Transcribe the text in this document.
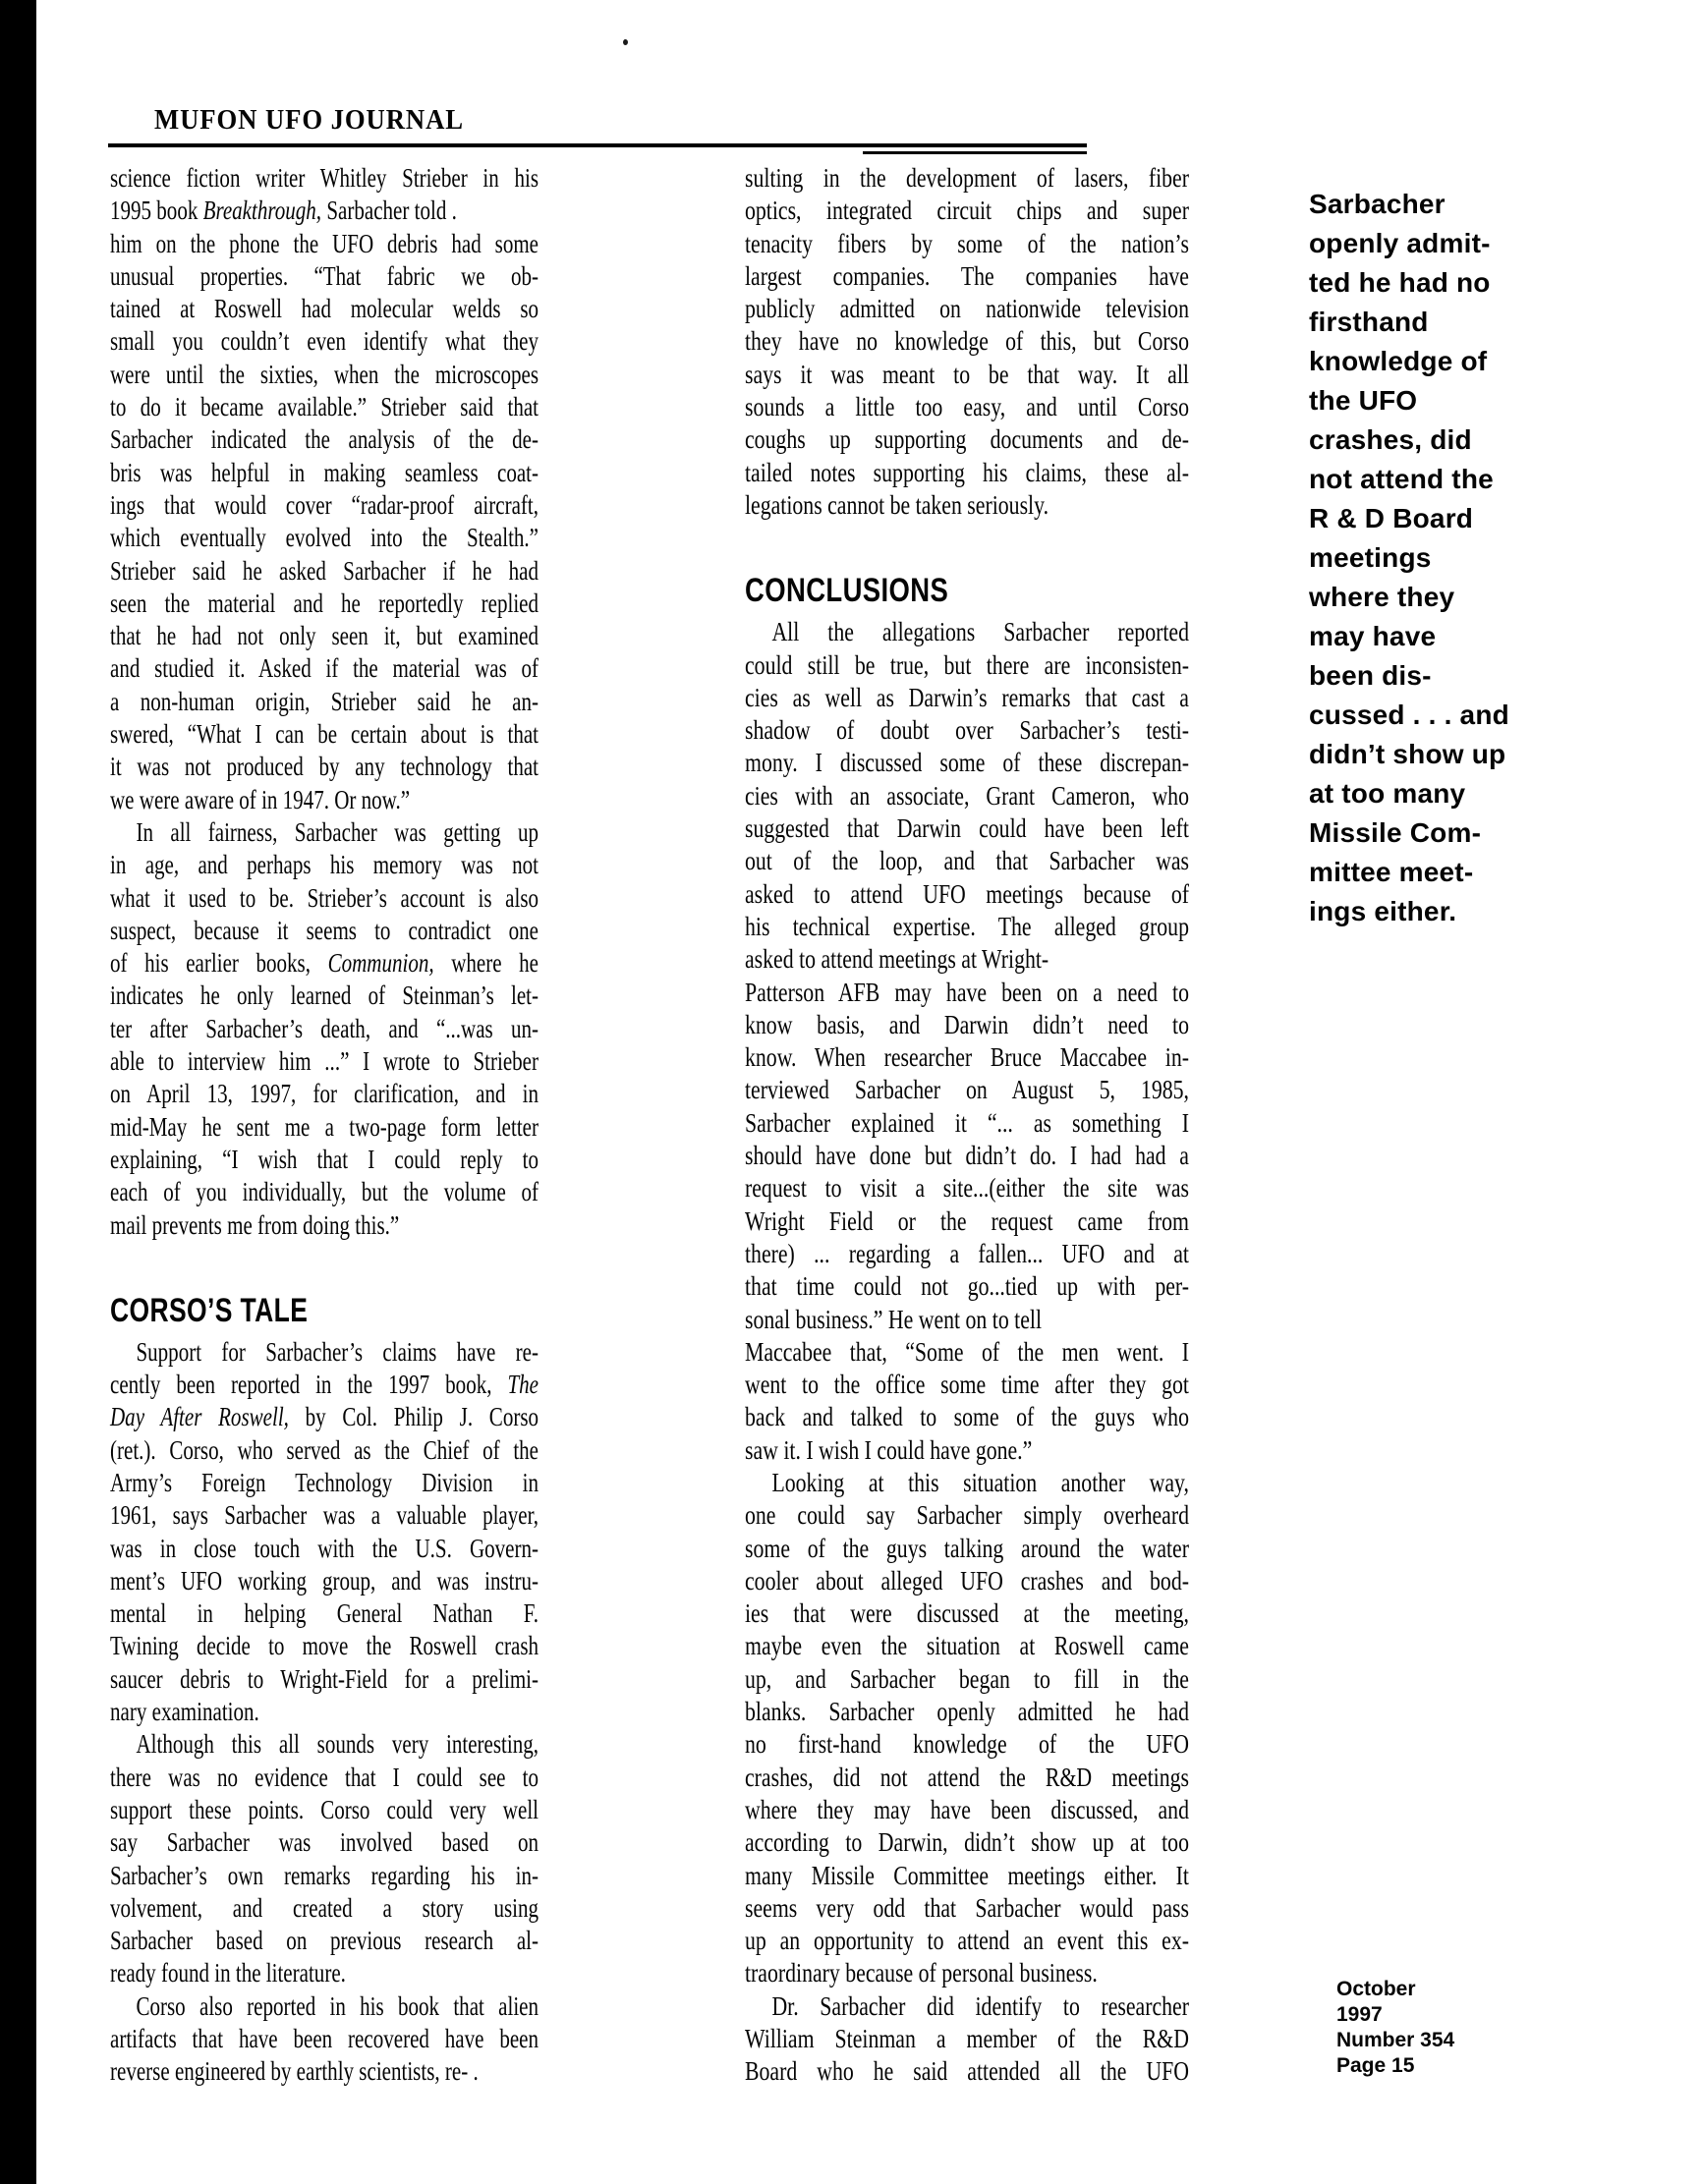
MUFON UFO JOURNAL
science fiction writer Whitley Strieber in his
1995 book Breakthrough, Sarbacher told .
him on the phone the UFO debris had some
unusual properties. “That fabric we ob-
tained at Roswell had molecular welds so
small you couldn’t even identify what they
were until the sixties, when the microscopes
to do it became available.” Strieber said that
Sarbacher indicated the analysis of the de-
bris was helpful in making seamless coat-
ings that would cover “radar-proof aircraft,
which eventually evolved into the Stealth.”
Strieber said he asked Sarbacher if he had
seen the material and he reportedly replied
that he had not only seen it, but examined
and studied it. Asked if the material was of
a non-human origin, Strieber said he an-
swered, “What I can be certain about is that
it was not produced by any technology that
we were aware of in 1947. Or now.”
In all fairness, Sarbacher was getting up
in age, and perhaps his memory was not
what it used to be. Strieber’s account is also
suspect, because it seems to contradict one
of his earlier books, Communion, where he
indicates he only learned of Steinman’s let-
ter after Sarbacher’s death, and “...was un-
able to interview him ...” I wrote to Strieber
on April 13, 1997, for clarification, and in
mid-May he sent me a two-page form letter
explaining, “I wish that I could reply to
each of you individually, but the volume of
mail prevents me from doing this.”
CORSO’S TALE
Support for Sarbacher’s claims have re-
cently been reported in the 1997 book, The
Day After Roswell, by Col. Philip J. Corso
(ret.). Corso, who served as the Chief of the
Army’s Foreign Technology Division in
1961, says Sarbacher was a valuable player,
was in close touch with the U.S. Govern-
ment’s UFO working group, and was instru-
mental in helping General Nathan F.
Twining decide to move the Roswell crash
saucer debris to Wright-Field for a prelimi-
nary examination.
Although this all sounds very interesting,
there was no evidence that I could see to
support these points. Corso could very well
say Sarbacher was involved based on
Sarbacher’s own remarks regarding his in-
volvement, and created a story using
Sarbacher based on previous research al-
ready found in the literature.
Corso also reported in his book that alien
artifacts that have been recovered have been
reverse engineered by earthly scientists, re- .
sulting in the development of lasers, fiber
optics, integrated circuit chips and super
tenacity fibers by some of the nation’s
largest companies. The companies have
publicly admitted on nationwide television
they have no knowledge of this, but Corso
says it was meant to be that way. It all
sounds a little too easy, and until Corso
coughs up supporting documents and de-
tailed notes supporting his claims, these al-
legations cannot be taken seriously.
CONCLUSIONS
All the allegations Sarbacher reported
could still be true, but there are inconsisten-
cies as well as Darwin’s remarks that cast a
shadow of doubt over Sarbacher’s testi-
mony. I discussed some of these discrepan-
cies with an associate, Grant Cameron, who
suggested that Darwin could have been left
out of the loop, and that Sarbacher was
asked to attend UFO meetings because of
his technical expertise. The alleged group
asked to attend meetings at Wright-
Patterson AFB may have been on a need to
know basis, and Darwin didn’t need to
know. When researcher Bruce Maccabee in-
terviewed Sarbacher on August 5, 1985,
Sarbacher explained it “... as something I
should have done but didn’t do. I had had a
request to visit a site...(either the site was
Wright Field or the request came from
there) ... regarding a fallen... UFO and at
that time could not go...tied up with per-
sonal business.” He went on to tell
Maccabee that, “Some of the men went. I
went to the office some time after they got
back and talked to some of the guys who
saw it. I wish I could have gone.”
Looking at this situation another way,
one could say Sarbacher simply overheard
some of the guys talking around the water
cooler about alleged UFO crashes and bod-
ies that were discussed at the meeting,
maybe even the situation at Roswell came
up, and Sarbacher began to fill in the
blanks. Sarbacher openly admitted he had
no first-hand knowledge of the UFO
crashes, did not attend the R&D meetings
where they may have been discussed, and
according to Darwin, didn’t show up at too
many Missile Committee meetings either. It
seems very odd that Sarbacher would pass
up an opportunity to attend an event this ex-
traordinary because of personal business.
Dr. Sarbacher did identify to researcher
William Steinman a member of the R&D
Board who he said attended all the UFO
Sarbacher
openly admit-
ted he had no
firsthand
knowledge of
the UFO
crashes, did
not attend the
R & D Board
meetings
where they
may have
been dis-
cussed . . . and
didn’t show up
at too many
Missile Com-
mittee meet-
ings either.
October
1997
Number 354
Page 15
